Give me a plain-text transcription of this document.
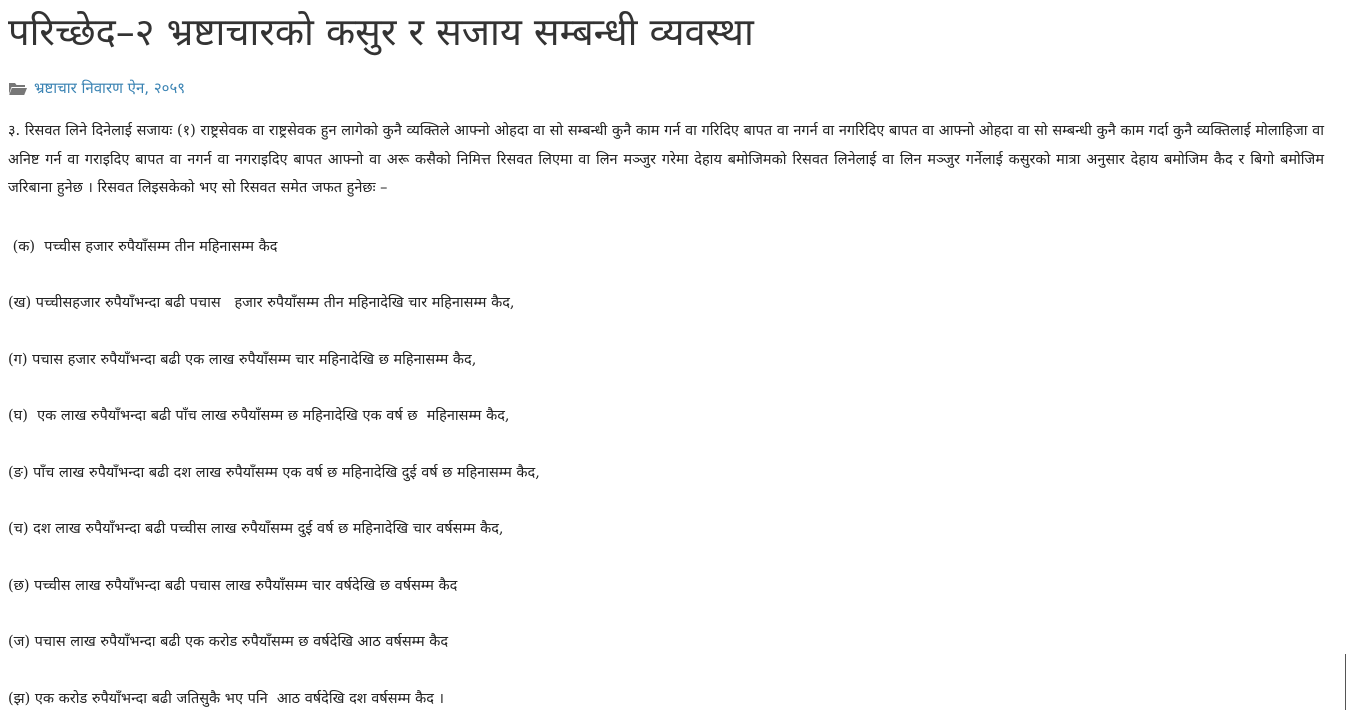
परिच्छेद–२ भ्रष्टाचारको कसुर र सजाय सम्बन्धी व्यवस्था
भ्रष्टाचार निवारण ऐन, २०५९

३. रिसवत लिने दिनेलाई सजायः (१) राष्ट्रसेवक वा राष्ट्रसेवक हुन लागेको कुनै व्यक्तिले आफ्नो ओहदा वा सो सम्बन्धी कुनै काम गर्न वा गरिदिए बापत वा नगर्न वा नगरिदिए बापत वा आफ्नो ओहदा वा सो सम्बन्धी कुनै काम गर्दा कुनै व्यक्तिलाई मोलाहिजा वा अनिष्ट गर्न वा गराइदिए बापत वा नगर्न वा नगराइदिए बापत आफ्नो वा अरू कसैको निमित्त रिसवत लिएमा वा लिन मञ्जुर गरेमा देहाय बमोजिमको रिसवत लिनेलाई वा लिन मञ्जुर गर्नेलाई कसुरको मात्रा अनुसार देहाय बमोजिम कैद र बिगो बमोजिम जरिबाना हुनेछ । रिसवत लिइसकेको भए सो रिसवत समेत जफत हुनेछः –

(क)  पच्चीस हजार रुपैयाँसम्म तीन महिनासम्म कैद
(ख) पच्चीसहजार रुपैयाँभन्दा बढी पचास   हजार रुपैयाँसम्म तीन महिनादेखि चार महिनासम्म कैद,
(ग) पचास हजार रुपैयाँभन्दा बढी एक लाख रुपैयाँसम्म चार महिनादेखि छ महिनासम्म कैद,
(घ)  एक लाख रुपैयाँभन्दा बढी पाँच लाख रुपैयाँसम्म छ महिनादेखि एक वर्ष छ  महिनासम्म कैद,
(ङ) पाँच लाख रुपैयाँभन्दा बढी दश लाख रुपैयाँसम्म एक वर्ष छ महिनादेखि दुई वर्ष छ महिनासम्म कैद,
(च) दश लाख रुपैयाँभन्दा बढी पच्चीस लाख रुपैयाँसम्म दुई वर्ष छ महिनादेखि चार वर्षसम्म कैद,
(छ) पच्चीस लाख रुपैयाँभन्दा बढी पचास लाख रुपैयाँसम्म चार वर्षदेखि छ वर्षसम्म कैद
(ज) पचास लाख रुपैयाँभन्दा बढी एक करोड रुपैयाँसम्म छ वर्षदेखि आठ वर्षसम्म कैद
(झ) एक करोड रुपैयाँभन्दा बढी जतिसुकै भए पनि  आठ वर्षदेखि दश वर्षसम्म कैद ।
